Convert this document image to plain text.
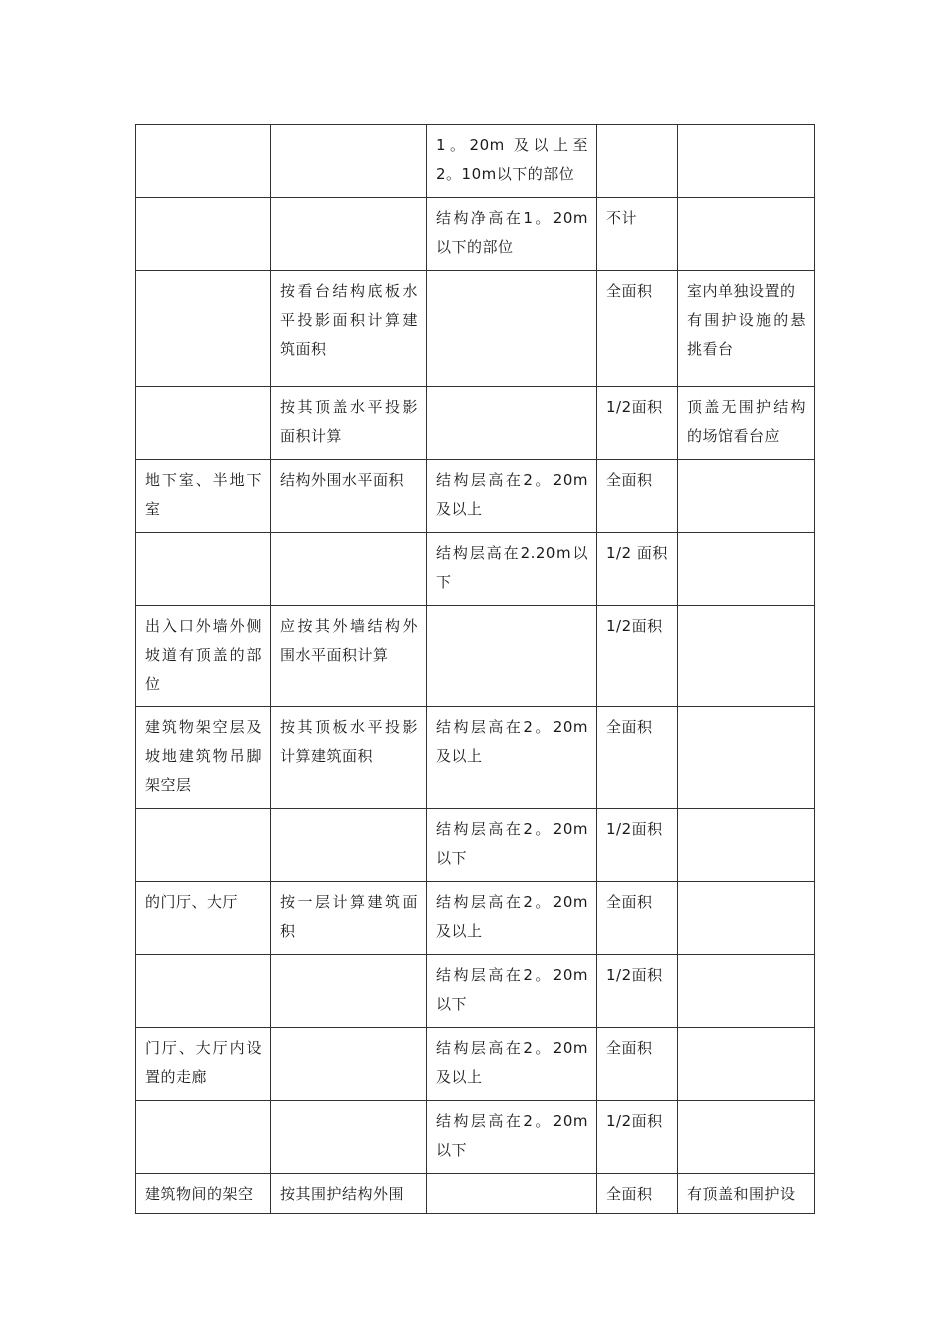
		1。20m 及以上至2。10m以下的部位		
		结构净高在1。20m以下的部位	不计	
	按看台结构底板水平投影面积计算建筑面积		全面积	室内单独设置的
有围护设施的悬挑看台
	按其顶盖水平投影面积计算		1/2面积	顶盖无围护结构的场馆看台应
地下室、半地下室	结构外围水平面积	结构层高在2。20m及以上	全面积	
		结构层高在2.20m以下	1/2 面积	
出入口外墙外侧坡道有顶盖的部位	应按其外墙结构外围水平面积计算		1/2面积	
建筑物架空层及坡地建筑物吊脚架空层	按其顶板水平投影计算建筑面积	结构层高在2。20m及以上	全面积	
		结构层高在2。20m以下	1/2面积	
的门厅、大厅	按一层计算建筑面积	结构层高在2。20m及以上	全面积	
		结构层高在2。20m以下	1/2面积	
门厅、大厅内设置的走廊		结构层高在2。20m及以上	全面积	
		结构层高在2。20m以下	1/2面积	
建筑物间的架空	按其围护结构外围		全面积	有顶盖和围护设
